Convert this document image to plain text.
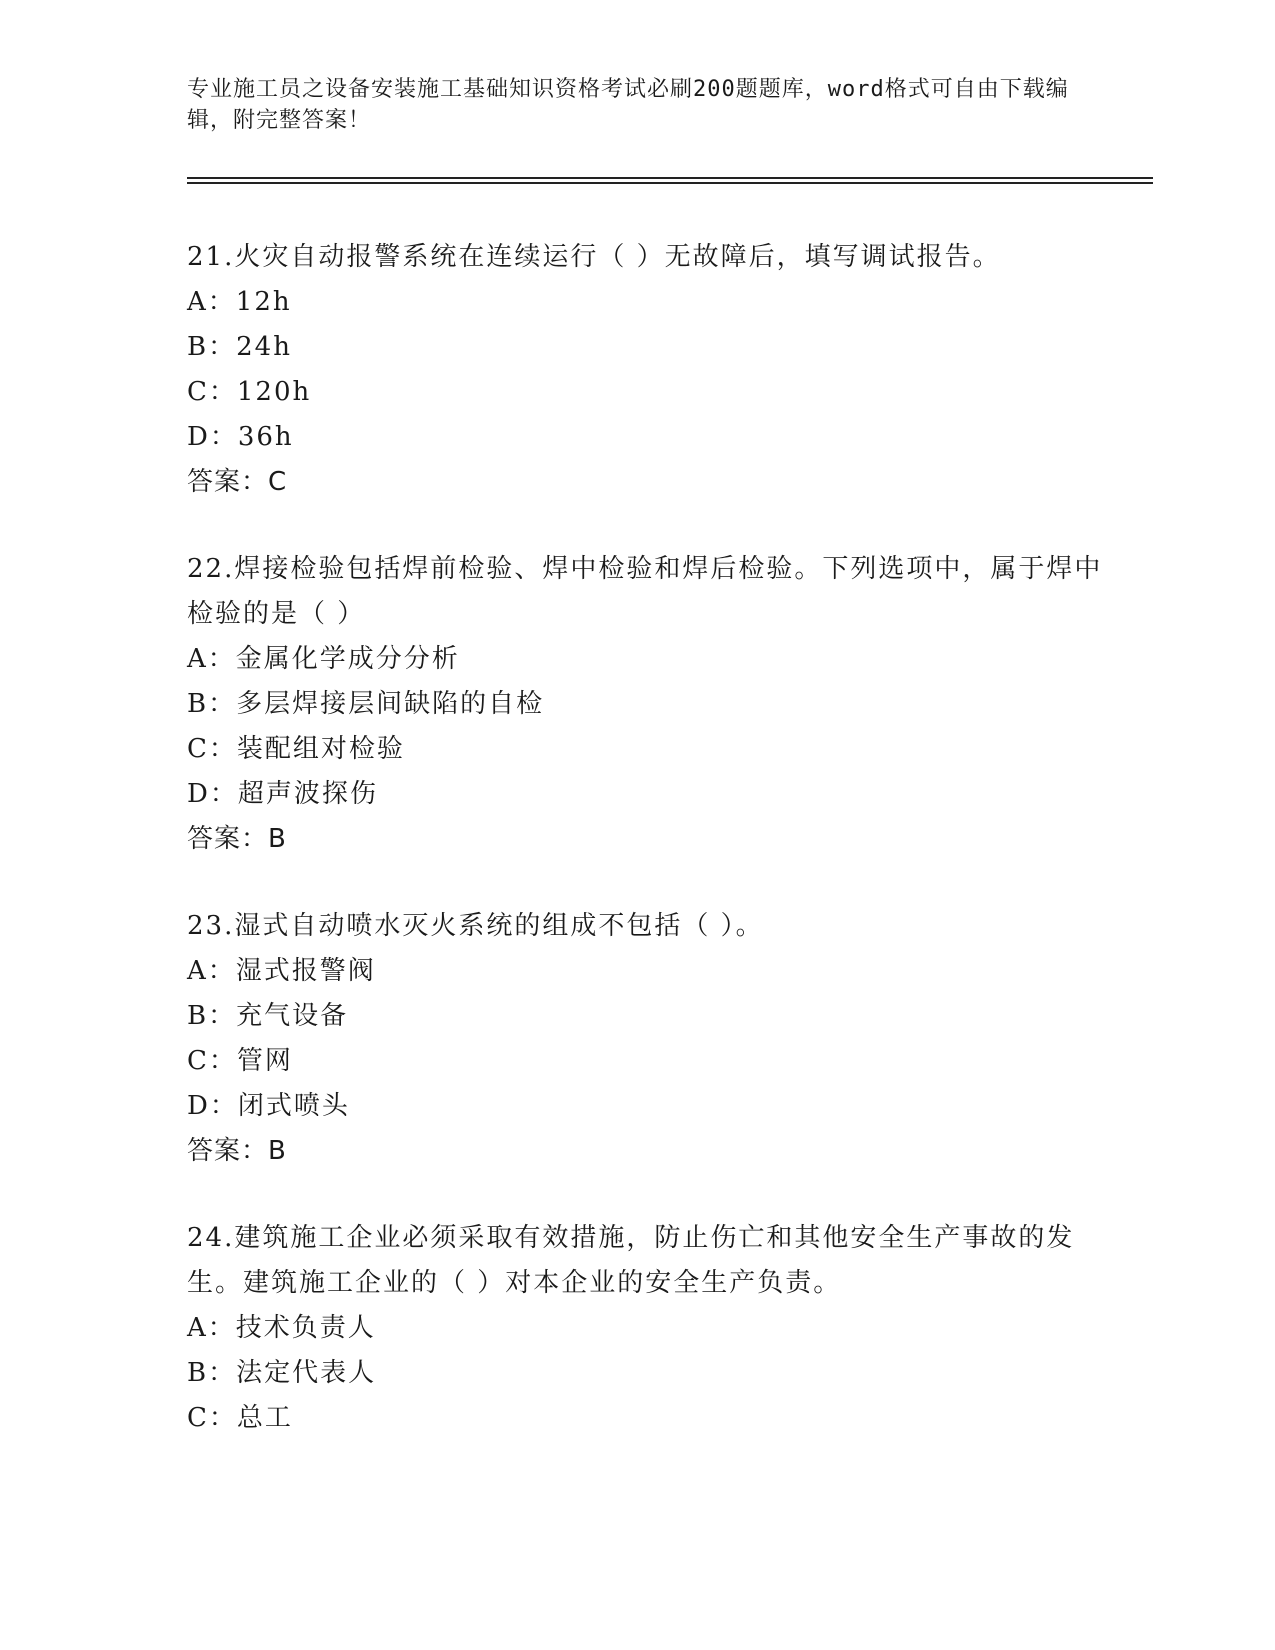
专业施工员之设备安装施工基础知识资格考试必刷200题题库，word格式可自由下载编辑，附完整答案！
21.火灾自动报警系统在连续运行（ ）无故障后，填写调试报告。
A：12h
B：24h
C：120h
D：36h
答案：C
22.焊接检验包括焊前检验、焊中检验和焊后检验。下列选项中，属于焊中检验的是（ ）
A：金属化学成分分析
B：多层焊接层间缺陷的自检
C：装配组对检验
D：超声波探伤
答案：B
23.湿式自动喷水灭火系统的组成不包括（ ）。
A：湿式报警阀
B：充气设备
C：管网
D：闭式喷头
答案：B
24.建筑施工企业必须采取有效措施，防止伤亡和其他安全生产事故的发生。建筑施工企业的（ ）对本企业的安全生产负责。
A：技术负责人
B：法定代表人
C：总工
